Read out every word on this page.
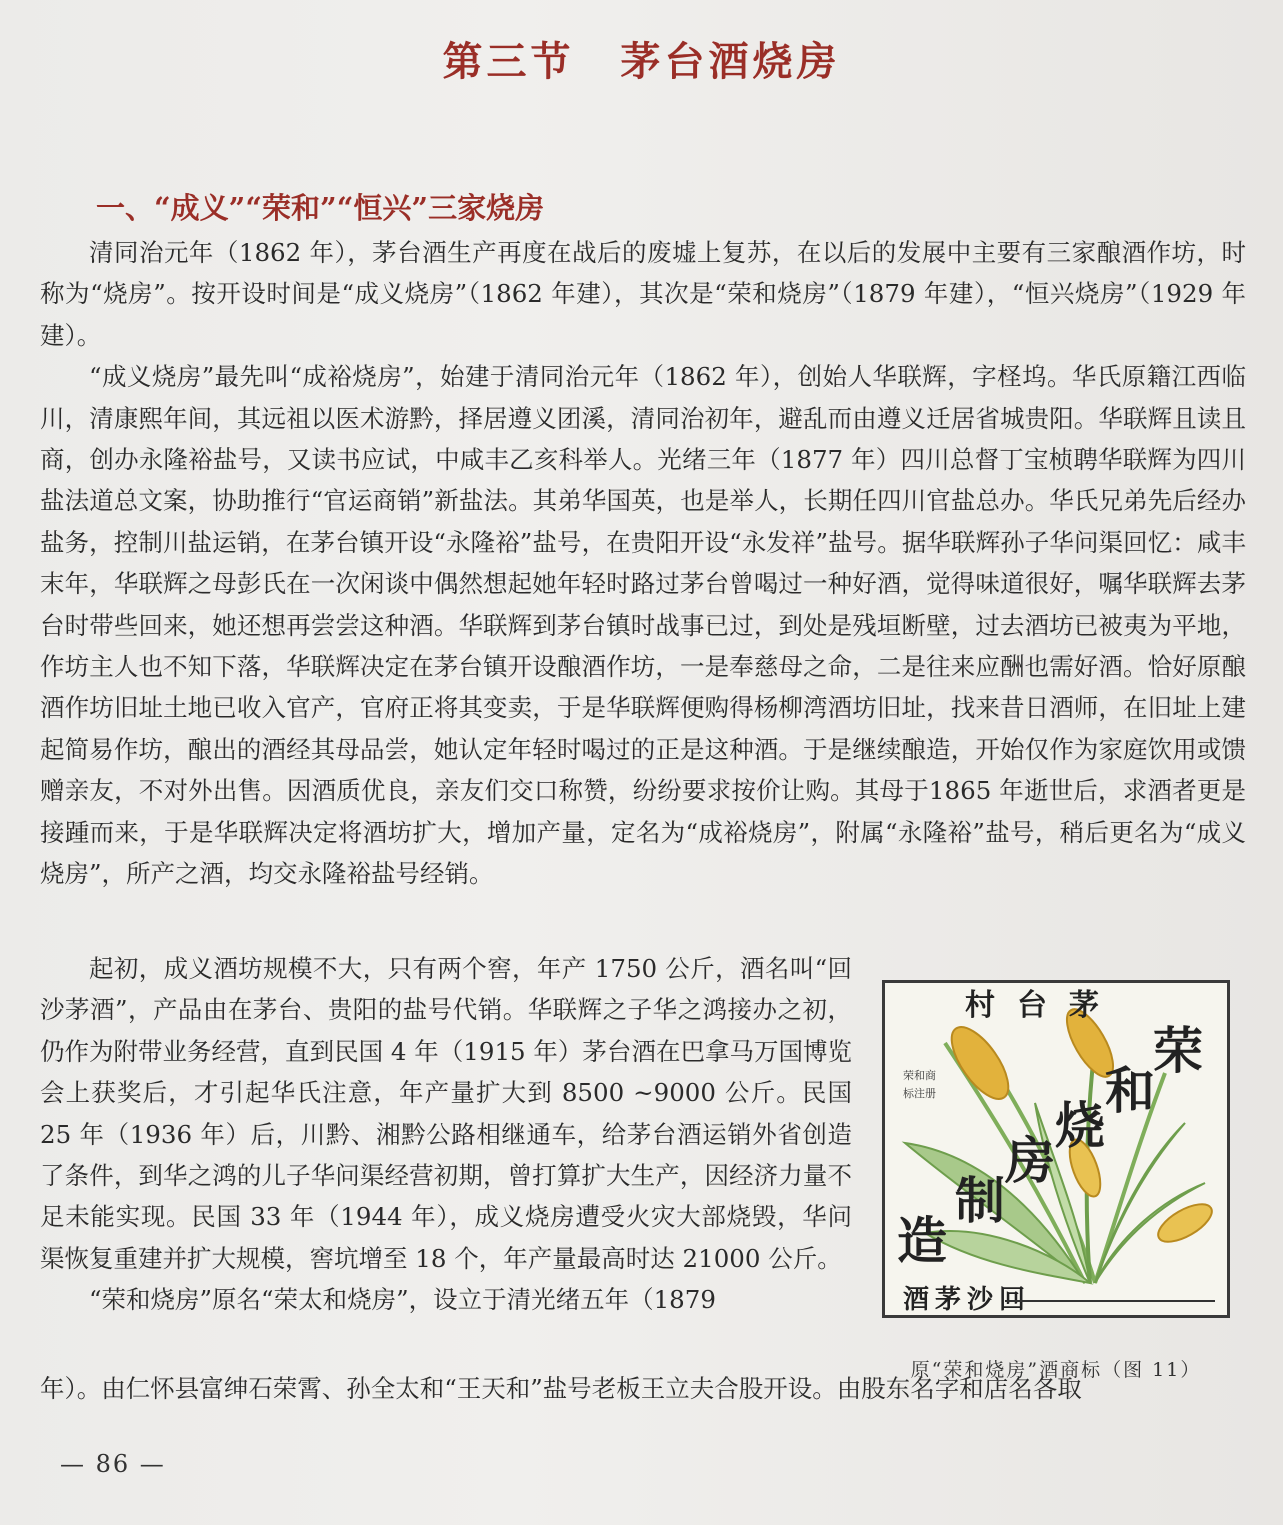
第三节 茅台酒烧房
一、“成义”“荣和”“恒兴”三家烧房

清同治元年（1862 年），茅台酒生产再度在战后的废墟上复苏，在以后的发展中主要有三家酿酒作坊，时称为“烧房”。按开设时间是“成义烧房”（1862 年建），其次是“荣和烧房”（1879 年建），“恒兴烧房”（1929 年建）。

“成义烧房”最先叫“成裕烧房”，始建于清同治元年（1862 年），创始人华联辉，字柽坞。华氏原籍江西临川，清康熙年间，其远祖以医术游黔，择居遵义团溪，清同治初年，避乱而由遵义迁居省城贵阳。华联辉且读且商，创办永隆裕盐号，又读书应试，中咸丰乙亥科举人。光绪三年（1877 年）四川总督丁宝桢聘华联辉为四川盐法道总文案，协助推行“官运商销”新盐法。其弟华国英，也是举人，长期任四川官盐总办。华氏兄弟先后经办盐务，控制川盐运销，在茅台镇开设“永隆裕”盐号，在贵阳开设“永发祥”盐号。据华联辉孙子华问渠回忆：咸丰末年，华联辉之母彭氏在一次闲谈中偶然想起她年轻时路过茅台曾喝过一种好酒，觉得味道很好，嘱华联辉去茅台时带些回来，她还想再尝尝这种酒。华联辉到茅台镇时战事已过，到处是残垣断壁，过去酒坊已被夷为平地，作坊主人也不知下落，华联辉决定在茅台镇开设酿酒作坊，一是奉慈母之命，二是往来应酬也需好酒。恰好原酿酒作坊旧址土地已收入官产，官府正将其变卖，于是华联辉便购得杨柳湾酒坊旧址，找来昔日酒师，在旧址上建起简易作坊，酿出的酒经其母品尝，她认定年轻时喝过的正是这种酒。于是继续酿造，开始仅作为家庭饮用或馈赠亲友，不对外出售。因酒质优良，亲友们交口称赞，纷纷要求按价让购。其母于1865 年逝世后，求酒者更是接踵而来，于是华联辉决定将酒坊扩大，增加产量，定名为“成裕烧房”，附属“永隆裕”盐号，稍后更名为“成义烧房”，所产之酒，均交永隆裕盐号经销。

起初，成义酒坊规模不大，只有两个窖，年产 1750 公斤，酒名叫“回沙茅酒”，产品由在茅台、贵阳的盐号代销。华联辉之子华之鸿接办之初，仍作为附带业务经营，直到民国 4 年（1915 年）茅台酒在巴拿马万国博览会上获奖后，才引起华氏注意，年产量扩大到 8500 ~9000 公斤。民国 25 年（1936 年）后，川黔、湘黔公路相继通车，给茅台酒运销外省创造了条件，到华之鸿的儿子华问渠经营初期，曾打算扩大生产，因经济力量不足未能实现。民国 33 年（1944 年），成义烧房遭受火灾大部烧毁，华问渠恢复重建并扩大规模，窖坑增至 18 个，年产量最高时达 21000 公斤。

“荣和烧房”原名“荣太和烧房”，设立于清光绪五年（1879

年）。由仁怀县富绅石荣霄、孙全太和“王天和”盐号老板王立夫合股开设。由股东名字和店名各取
村台茅
荣和商
标注册
荣
和
烧
房
制
造
酒茅沙回
原“荣和烧房”酒商标（图 11）
— 86 —
